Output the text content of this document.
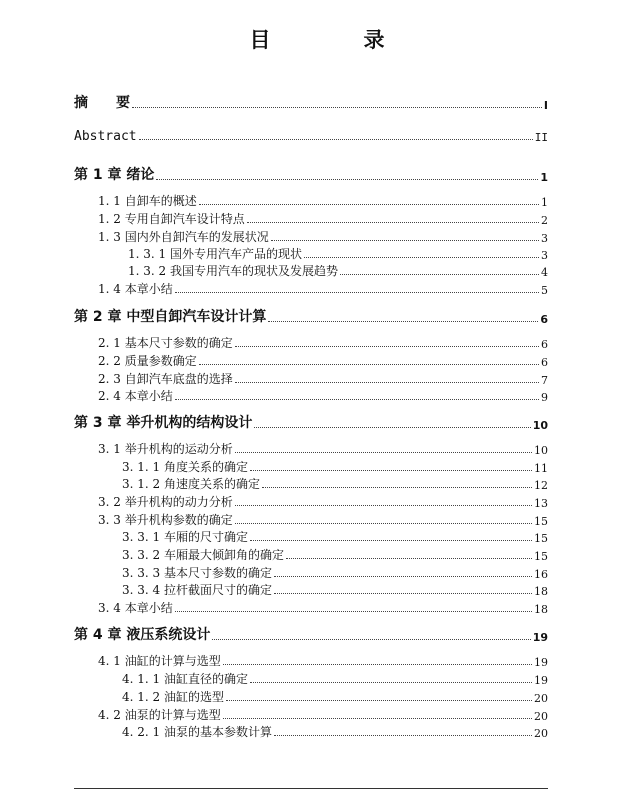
目　录
摘　　要	I
Abstract	II
第 1 章 绪论	1
1. 1 自卸车的概述	1
1. 2 专用自卸汽车设计特点	2
1. 3 国内外自卸汽车的发展状况	3
1. 3. 1 国外专用汽车产品的现状	3
1. 3. 2 我国专用汽车的现状及发展趋势	4
1. 4 本章小结	5
第 2 章 中型自卸汽车设计计算	6
2. 1 基本尺寸参数的确定	6
2. 2 质量参数确定	6
2. 3 自卸汽车底盘的选择	7
2. 4 本章小结	9
第 3 章 举升机构的结构设计	10
3. 1 举升机构的运动分析	10
3. 1. 1 角度关系的确定	11
3. 1. 2 角速度关系的确定	12
3. 2 举升机构的动力分析	13
3. 3 举升机构参数的确定	15
3. 3. 1 车厢的尺寸确定	15
3. 3. 2 车厢最大倾卸角的确定	15
3. 3. 3 基本尺寸参数的确定	16
3. 3. 4 拉杆截面尺寸的确定	18
3. 4 本章小结	18
第 4 章 液压系统设计	19
4. 1 油缸的计算与选型	19
4. 1. 1 油缸直径的确定	19
4. 1. 2 油缸的选型	20
4. 2 油泵的计算与选型	20
4. 2. 1 油泵的基本参数计算	20
